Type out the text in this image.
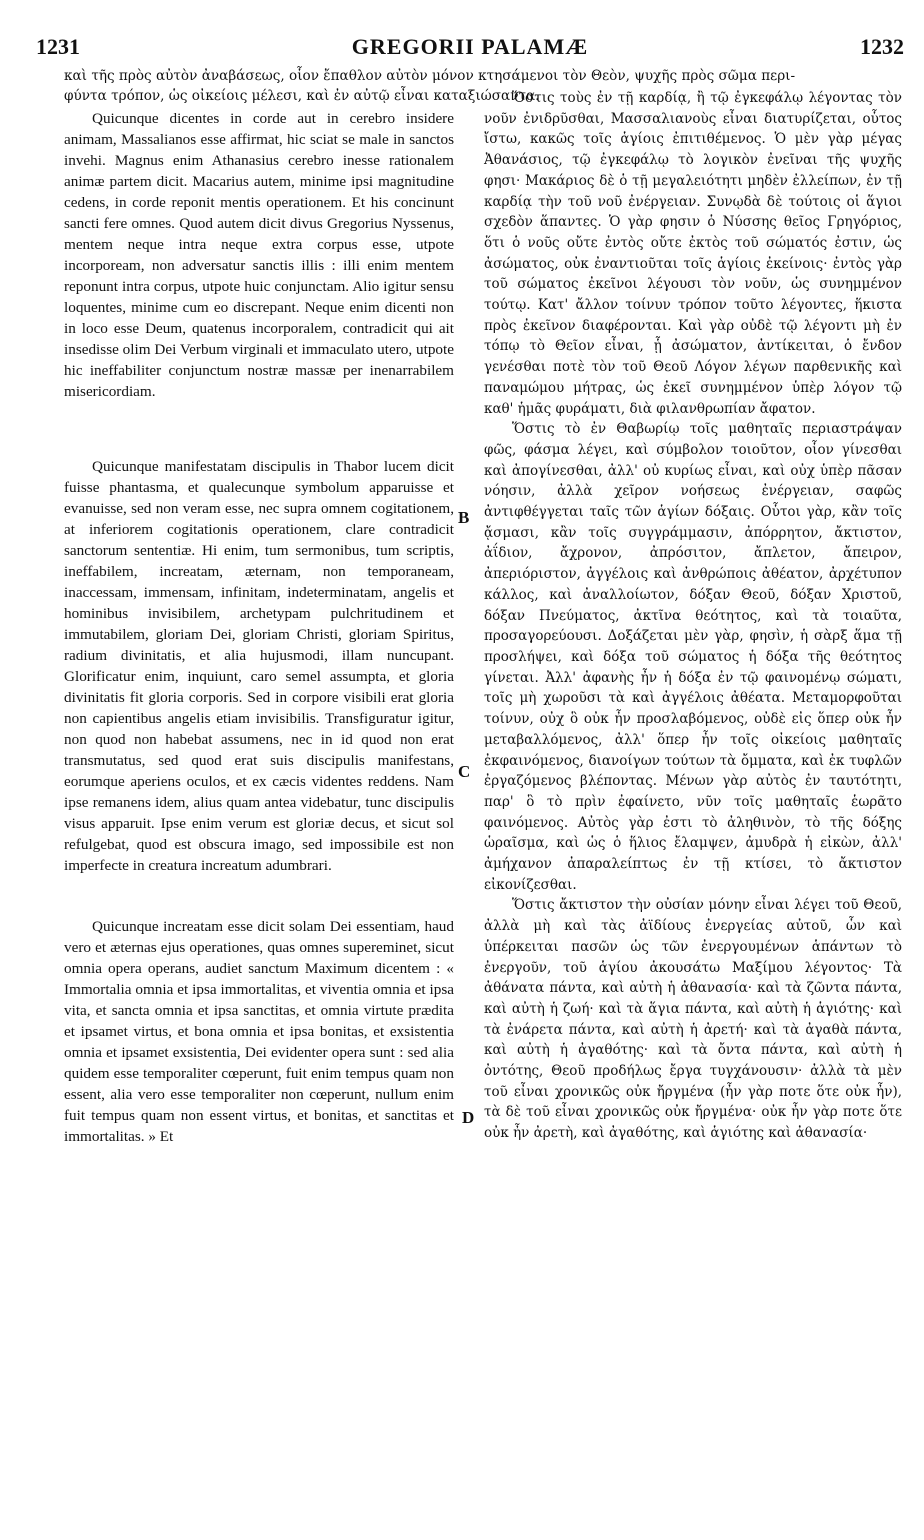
1231	GREGORII PALAMÆ	1232
καὶ τῆς πρὸς αὐτὸν ἀναβάσεως, οἷον ἔπαθλον αὐτὸν μόνον κτησάμενοι τὸν Θεὸν, ψυχῆς πρὸς σῶμα περι-
φύντα τρόπον, ὡς οἰκείοις μέλεσι, καὶ ἐν αὐτῷ εἶναι καταξιώσαντα.

Quicunque dicentes in corde aut in cerebro insidere animam, Massalianos esse affirmat, hic sciat se male in sanctos invehi. Magnus enim Athanasius cerebro inesse rationalem animæ partem dicit. Macarius autem, minime ipsi magnitudine cedens, in corde reponit mentis operationem. Et his concinunt sancti fere omnes. Quod autem dicit divus Gregorius Nyssenus, mentem neque intra neque extra corpus esse, utpote incorpoream, non adversatur sanctis illis : illi enim mentem reponunt intra corpus, utpote huic conjunctam. Alio igitur sensu loquentes, minime cum eo discrepant. Neque enim dicenti non in loco esse Deum, quatenus incorporalem, contradicit qui ait insedisse olim Dei Verbum virginali et immaculato utero, utpote hic ineffabiliter conjunctum nostræ massæ per inenarrabilem misericordiam.

Quicunque manifestatam discipulis in Thabor lucem dicit fuisse phantasma, et qualecunque symbolum apparuisse et evanuisse, sed non veram esse, nec supra omnem cogitationem, at inferiorem cogitationis operationem, clare contradicit sanctorum sententiæ. Hi enim, tum sermonibus, tum scriptis, ineffabilem, increatam, æternam, non temporaneam, inaccessam, immensam, infinitam, indeterminatam, angelis et hominibus invisibilem, archetypam pulchritudinem et immutabilem, gloriam Dei, gloriam Christi, gloriam Spiritus, radium divinitatis, et alia hujusmodi, illam nuncupant. Glorificatur enim, inquiunt, caro semel assumpta, et gloria divinitatis fit gloria corporis. Sed in corpore visibili erat gloria non capientibus angelis etiam invisibilis. Transfiguratur igitur, non quod non habebat assumens, nec in id quod non erat transmutatus, sed quod erat suis discipulis manifestans, eorumque aperiens oculos, et ex cæcis videntes reddens. Nam ipse remanens idem, alius quam antea videbatur, tunc discipulis visus apparuit. Ipse enim verum est gloriæ decus, et sicut sol refulgebat, quod est obscura imago, sed impossibile est non imperfecte in creatura increatum adumbrari.

Quicunque increatam esse dicit solam Dei essentiam, haud vero et æternas ejus operationes, quas omnes supereminet, sicut omnia opera operans, audiet sanctum Maximum dicentem : « Immortalia omnia et ipsa immortalitas, et viventia omnia et ipsa vita, et sancta omnia et ipsa sanctitas, et omnia virtute prædita et ipsamet virtus, et bona omnia et ipsa bonitas, et exsistentia omnia et ipsamet exsistentia, Dei evidenter opera sunt : sed alia quidem esse temporaliter cœperunt, fuit enim tempus quam non essent, alia vero esse temporaliter non cœperunt, nullum enim fuit tempus quam non essent virtus, et bonitas, et sanctitas et immortalitas. » Et

Ὅστις τοὺς ἐν τῇ καρδίᾳ, ἢ τῷ ἐγκεφάλῳ λέγοντας τὸν νοῦν ἐνιδρῦσθαι, Μασσαλιανοὺς εἶναι διατυρίζεται, οὗτος ἴστω, κακῶς τοῖς ἁγίοις ἐπιτιθέμενος. Ὁ μὲν γὰρ μέγας Ἀθανάσιος, τῷ ἐγκεφάλῳ τὸ λογικὸν ἐνεῖναι τῆς ψυχῆς φησι· Μακάριος δὲ ὁ τῇ μεγαλειότητι μηδὲν ἐλλείπων, ἐν τῇ καρδίᾳ τὴν τοῦ νοῦ ἐνέργειαν. Συνῳδὰ δὲ τούτοις οἱ ἅγιοι σχεδὸν ἅπαντες. Ὁ γὰρ φησιν ὁ Νύσσης θεῖος Γρηγόριος, ὅτι ὁ νοῦς οὔτε ἐντὸς οὔτε ἐκτὸς τοῦ σώματός ἐστιν, ὡς ἀσώματος, οὐκ ἐναντιοῦται τοῖς ἁγίοις ἐκείνοις· ἐντὸς γὰρ τοῦ σώματος ἐκεῖνοι λέγουσι τὸν νοῦν, ὡς συνημμένον τούτῳ. Κατ' ἄλλον τοίνυν τρόπον τοῦτο λέγοντες, ἥκιστα πρὸς ἐκεῖνον διαφέρονται. Καὶ γὰρ οὐδὲ τῷ λέγοντι μὴ ἐν τόπῳ τὸ Θεῖον εἶναι, ᾗ ἀσώματον, ἀντίκειται, ὁ ἔνδον γενέσθαι ποτὲ τὸν τοῦ Θεοῦ Λόγον λέγων παρθενικῆς καὶ παναμώμου μήτρας, ὡς ἐκεῖ συνημμένον ὑπὲρ λόγον τῷ καθ' ἡμᾶς φυράματι, διὰ φιλανθρωπίαν ἄφατον.

Ὅστις τὸ ἐν Θαβωρίῳ τοῖς μαθηταῖς περιαστράψαν φῶς, φάσμα λέγει, καὶ σύμβολον τοιοῦτον, οἷον γίνεσθαι καὶ ἀπογίνεσθαι, ἀλλ' οὐ κυρίως εἶναι, καὶ οὐχ ὑπὲρ πᾶσαν νόησιν, ἀλλὰ χεῖρον νοήσεως ἐνέργειαν, σαφῶς ἀντιφθέγγεται ταῖς τῶν ἁγίων δόξαις. Οὗτοι γὰρ, κἂν τοῖς ᾄσμασι, κἂν τοῖς συγγράμμασιν, ἀπόρρητον, ἄκτιστον, ἀΐδιον, ἄχρονον, ἀπρόσιτον, ἄπλετον, ἄπειρον, ἀπεριόριστον, ἀγγέλοις καὶ ἀνθρώποις ἀθέατον, ἀρχέτυπον κάλλος, καὶ ἀναλλοίωτον, δόξαν Θεοῦ, δόξαν Χριστοῦ, δόξαν Πνεύματος, ἀκτῖνα θεότητος, καὶ τὰ τοιαῦτα, προσαγορεύουσι. Δοξάζεται μὲν γὰρ, φησὶν, ἡ σὰρξ ἅμα τῇ προσλήψει, καὶ δόξα τοῦ σώματος ἡ δόξα τῆς θεότητος γίνεται. Ἀλλ' ἀφανὴς ἦν ἡ δόξα ἐν τῷ φαινομένῳ σώματι, τοῖς μὴ χωροῦσι τὰ καὶ ἀγγέλοις ἀθέατα. Μεταμορφοῦται τοίνυν, οὐχ ὃ οὐκ ἦν προσλαβόμενος, οὐδὲ εἰς ὅπερ οὐκ ἦν μεταβαλλόμενος, ἀλλ' ὅπερ ἦν τοῖς οἰκείοις μαθηταῖς ἐκφαινόμενος, διανοίγων τούτων τὰ ὄμματα, καὶ ἐκ τυφλῶν ἐργαζόμενος βλέποντας. Μένων γὰρ αὐτὸς ἐν ταυτότητι, παρ' ὃ τὸ πρὶν ἐφαίνετο, νῦν τοῖς μαθηταῖς ἑωρᾶτο φαινόμενος. Αὐτὸς γὰρ ἐστι τὸ ἀληθινὸν, τὸ τῆς δόξης ὡραῖσμα, καὶ ὡς ὁ ἥλιος ἔλαμψεν, ἀμυδρὰ ἡ εἰκὼν, ἀλλ' ἀμήχανον ἀπαραλείπτως ἐν τῇ κτίσει, τὸ ἄκτιστον εἰκονίζεσθαι.

Ὅστις ἄκτιστον τὴν οὐσίαν μόνην εἶναι λέγει τοῦ Θεοῦ, ἀλλὰ μὴ καὶ τὰς ἀϊδίους ἐνεργείας αὐτοῦ, ὧν καὶ ὑπέρκειται πασῶν ὡς τῶν ἐνεργουμένων ἁπάντων τὸ ἐνεργοῦν, τοῦ ἁγίου ἀκουσάτω Μαξίμου λέγοντος· Τὰ ἀθάνατα πάντα, καὶ αὐτὴ ἡ ἀθανασία· καὶ τὰ ζῶντα πάντα, καὶ αὐτὴ ἡ ζωή· καὶ τὰ ἅγια πάντα, καὶ αὐτὴ ἡ ἁγιότης· καὶ τὰ ἐνάρετα πάντα, καὶ αὐτὴ ἡ ἀρετή· καὶ τὰ ἀγαθὰ πάντα, καὶ αὐτὴ ἡ ἀγαθότης· καὶ τὰ ὄντα πάντα, καὶ αὐτὴ ἡ ὀντότης, Θεοῦ προδήλως ἔργα τυγχάνουσιν· ἀλλὰ τὰ μὲν τοῦ εἶναι χρονικῶς οὐκ ἤργμένα (ἦν γὰρ ποτε ὅτε οὐκ ἦν), τὰ δὲ τοῦ εἶναι χρονικῶς οὐκ ἤργμένα· οὐκ ἦν γὰρ ποτε ὅτε οὐκ ἦν ἀρετὴ, καὶ ἀγαθότης, καὶ ἁγιότης καὶ ἀθανασία·

B
C
D
